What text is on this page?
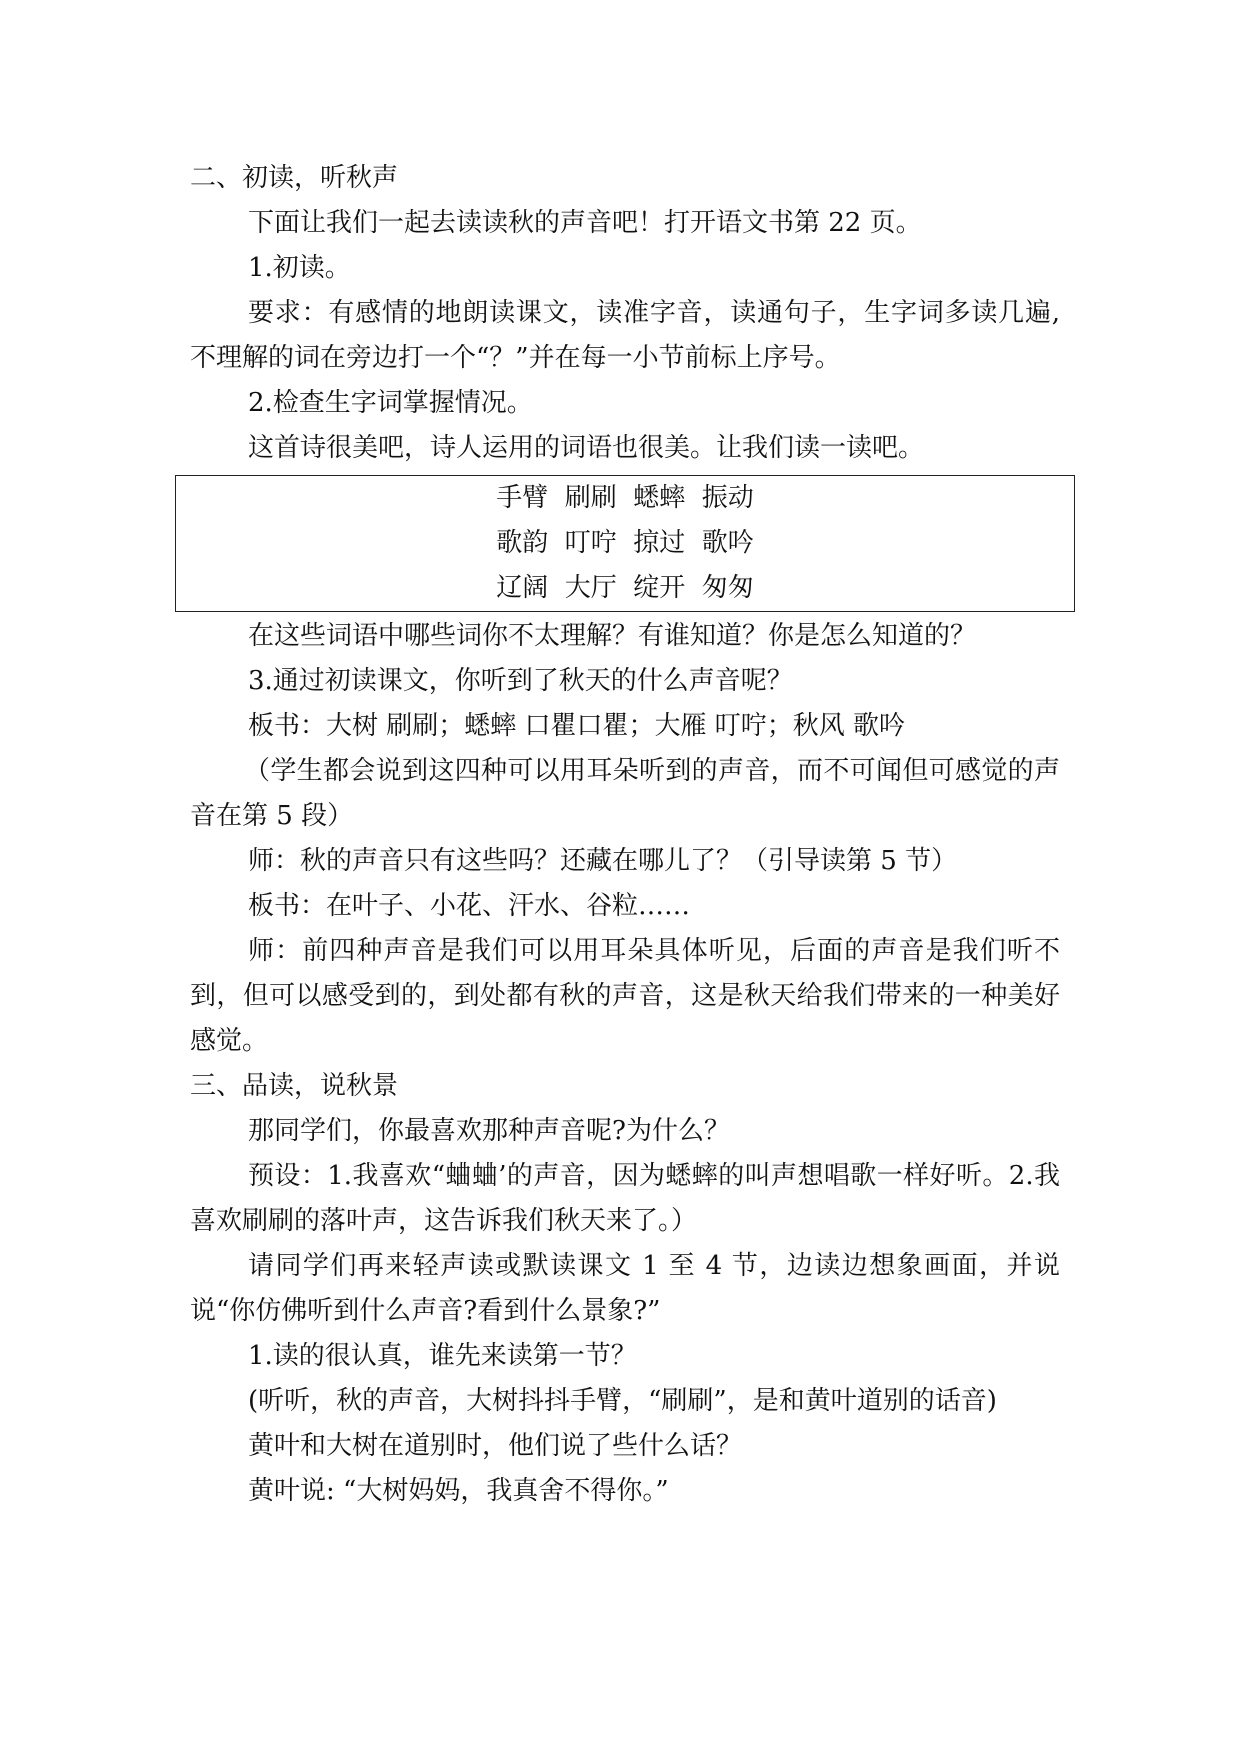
二、初读，听秋声

下面让我们一起去读读秋的声音吧！打开语文书第 22 页。

1.初读。

要求：有感情的地朗读课文，读准字音，读通句子，生字词多读几遍,不理解的词在旁边打一个“？”并在每一小节前标上序号。

2.检查生字词掌握情况。

这首诗很美吧，诗人运用的词语也很美。让我们读一读吧。

手臂  刷刷  蟋蟀  振动

歌韵  叮咛  掠过  歌吟

辽阔  大厅  绽开  匆匆

在这些词语中哪些词你不太理解？有谁知道？你是怎么知道的？

3.通过初读课文，你听到了秋天的什么声音呢？

板书：大树 刷刷；蟋蟀 口瞿口瞿；大雁 叮咛；秋风 歌吟

（学生都会说到这四种可以用耳朵听到的声音，而不可闻但可感觉的声音在第 5 段）

师：秋的声音只有这些吗？还藏在哪儿了？（引导读第 5 节）

板书：在叶子、小花、汗水、谷粒……

师：前四种声音是我们可以用耳朵具体听见，后面的声音是我们听不到，但可以感受到的，到处都有秋的声音，这是秋天给我们带来的一种美好感觉。

三、品读，说秋景

那同学们，你最喜欢那种声音呢?为什么？

预设：1.我喜欢“蛐蛐’的声音，因为蟋蟀的叫声想唱歌一样好听。2.我喜欢刷刷的落叶声，这告诉我们秋天来了。）

请同学们再来轻声读或默读课文 1 至 4 节，边读边想象画面，并说说“你仿佛听到什么声音?看到什么景象?”

1.读的很认真，谁先来读第一节？

(听听，秋的声音，大树抖抖手臂，“刷刷”，是和黄叶道别的话音)

黄叶和大树在道别时，他们说了些什么话？

黄叶说: “大树妈妈，我真舍不得你。”
